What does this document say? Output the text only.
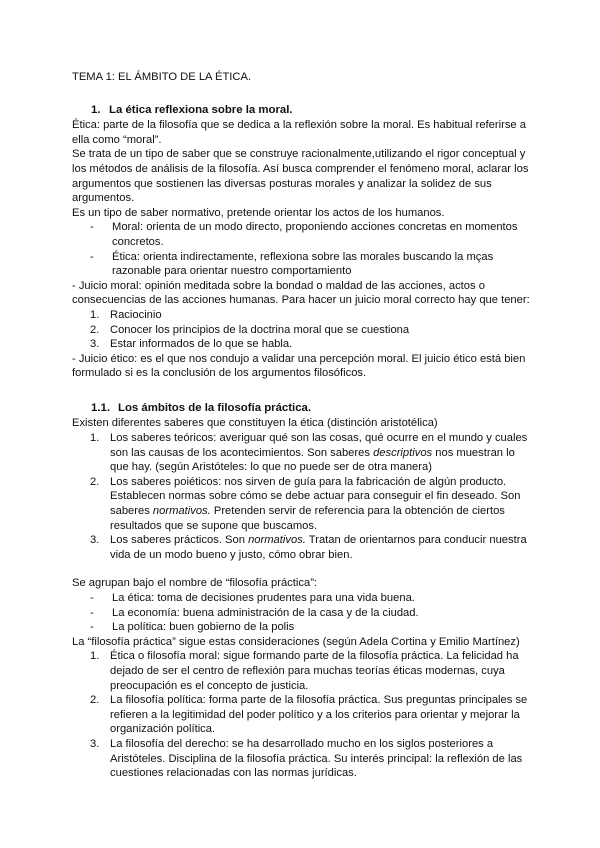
TEMA 1: EL ÁMBITO DE LA ÉTICA.

1. La ética reflexiona sobre la moral.

Ética: parte de la filosofía que se dedica a la reflexión sobre la moral. Es habitual referirse a ella como “moral”.

Se trata de un tipo de saber que se construye racionalmente,utilizando el rigor conceptual y los métodos de análisis de la filosofía. Así busca comprender el fenómeno moral, aclarar los argumentos que sostienen las diversas posturas morales y analizar la solidez de sus argumentos.

Es un tipo de saber normativo, pretende orientar los actos de los humanos.

- Moral: orienta de un modo directo, proponiendo acciones concretas en momentos concretos.
- Ética: orienta indirectamente, reflexiona sobre las morales buscando la mças razonable para orientar nuestro comportamiento

- Juicio moral: opinión meditada sobre la bondad o maldad de las acciones, actos o consecuencias de las acciones humanas. Para hacer un juicio moral correcto hay que tener:

1. Raciocinio
2. Conocer los principios de la doctrina moral que se cuestiona
3. Estar informados de lo que se habla.

- Juicio ético: es el que nos condujo a validar una percepción moral. El juicio ético está bien formulado si es la conclusión de los argumentos filosóficos.

1.1. Los ámbitos de la filosofía práctica.

Existen diferentes saberes que constituyen la ética (distinción aristotélica)

1. Los saberes teóricos: averiguar qué son las cosas, qué ocurre en el mundo y cuales son las causas de los acontecimientos. Son saberes descriptivos nos muestran lo que hay. (según Aristóteles: lo que no puede ser de otra manera)
2. Los saberes poiéticos: nos sirven de guía para la fabricación de algún producto. Establecen normas sobre cómo se debe actuar para conseguir el fin deseado. Son saberes normativos. Pretenden servir de referencia para la obtención de ciertos resultados que se supone que buscamos.
3. Los saberes prácticos. Son normativos. Tratan de orientarnos para conducir nuestra vida de un modo bueno y justo, cómo obrar bien.

Se agrupan bajo el nombre de “filosofía práctica”:

- La ética: toma de decisiones prudentes para una vida buena.
- La economía: buena administración de la casa y de la ciudad.
- La política: buen gobierno de la polis

La “filosofía práctica” sigue estas consideraciones (según Adela Cortina y Emilio Martínez)

1. Ética o filosofía moral: sigue formando parte de la filosofía práctica. La felicidad ha dejado de ser el centro de reflexión para muchas teorías éticas modernas, cuya preocupación es el concepto de justicia.
2. La filosofía política: forma parte de la filosofía práctica. Sus preguntas principales se refieren a la legitimidad del poder político y a los criterios para orientar y mejorar la organización política.
3. La filosofía del derecho: se ha desarrollado mucho en los siglos posteriores a Aristóteles. Disciplina de la filosofía práctica. Su interés principal: la reflexión de las cuestiones relacionadas con las normas jurídicas.
